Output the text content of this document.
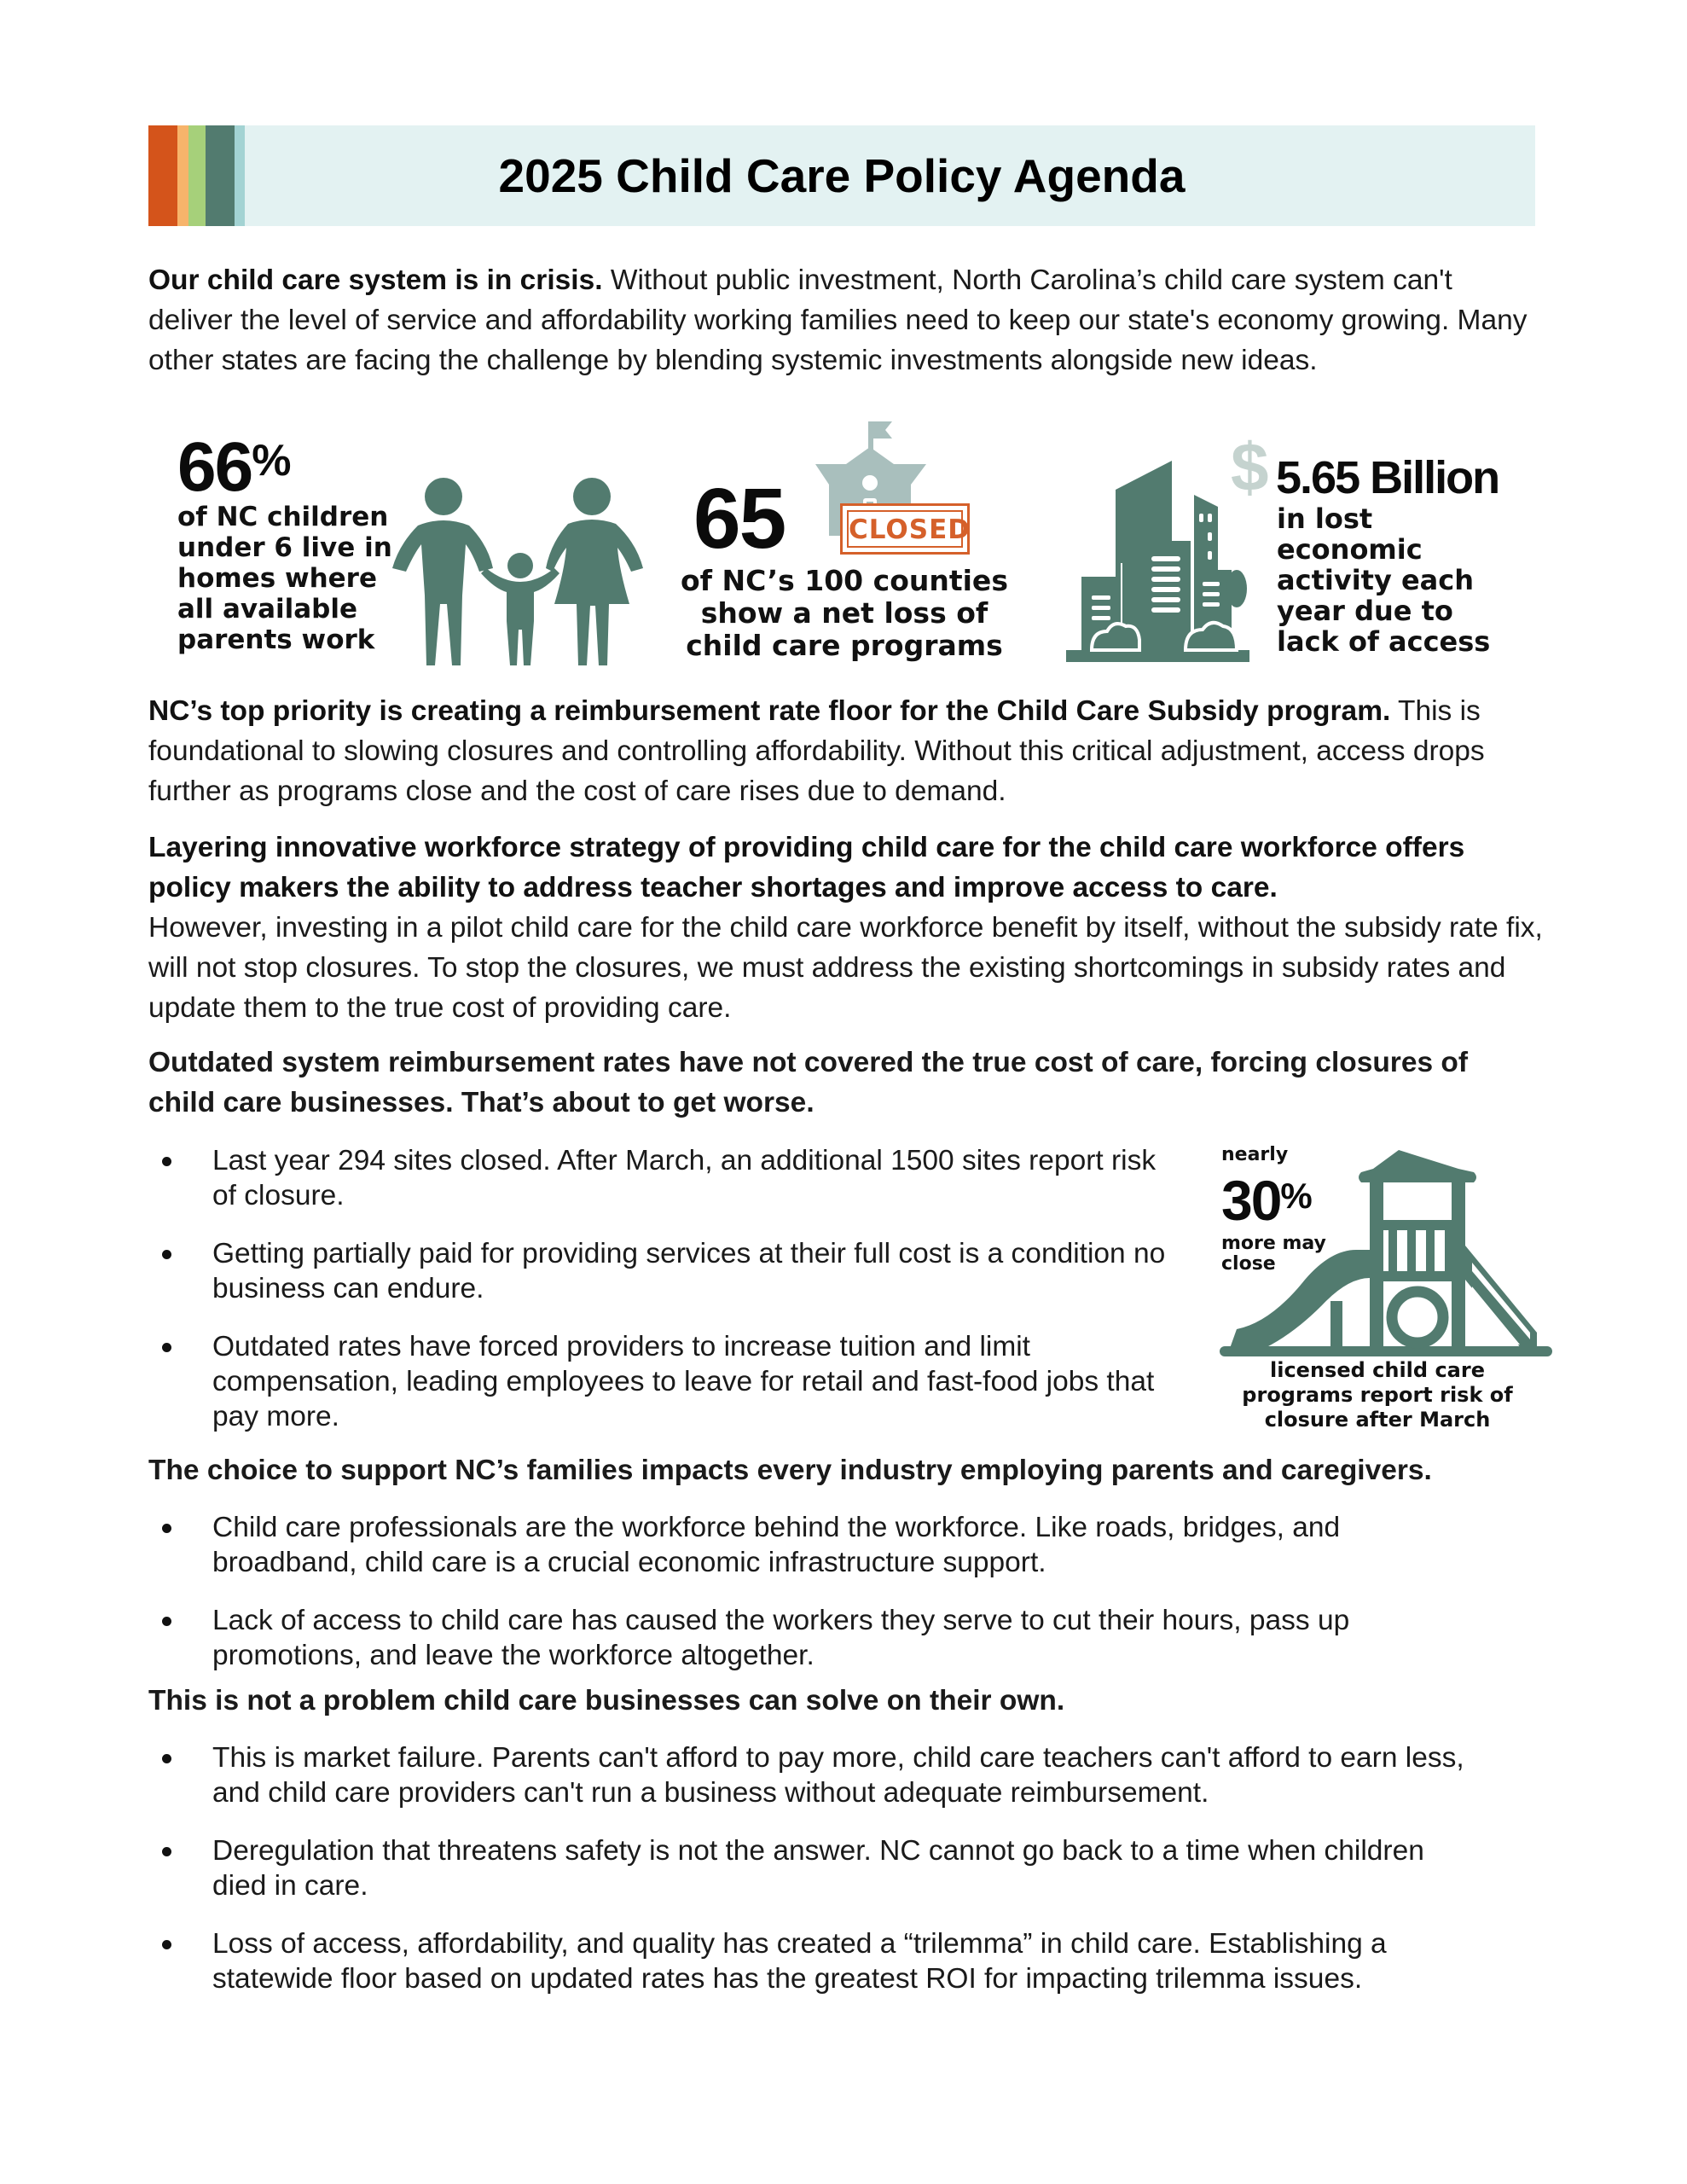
2025 Child Care Policy Agenda
Our child care system is in crisis. Without public investment, North Carolina’s child care system can't deliver the level of service and affordability working families need to keep our state's economy growing. Many other states are facing the challenge by blending systemic investments alongside new ideas.
66%
of NC children
under 6 live in
homes where
all available
parents work
CLOSED
65
of NC’s 100 counties
show a net loss of
child care programs
$ 5.65 Billion
in lost
economic
activity each
year due to
lack of access
NC’s top priority is creating a reimbursement rate floor for the Child Care Subsidy program. This is foundational to slowing closures and controlling affordability. Without this critical adjustment, access drops further as programs close and the cost of care rises due to demand.
Layering innovative workforce strategy of providing child care for the child care workforce offers policy makers the ability to address teacher shortages and improve access to care.
However, investing in a pilot child care for the child care workforce benefit by itself, without the subsidy rate fix, will not stop closures. To stop the closures, we must address the existing shortcomings in subsidy rates and update them to the true cost of providing care.
Outdated system reimbursement rates have not covered the true cost of care, forcing closures of child care businesses. That’s about to get worse.
Last year 294 sites closed. After March, an additional 1500 sites report risk of closure.
Getting partially paid for providing services at their full cost is a condition no business can endure.
Outdated rates have forced providers to increase tuition and limit compensation, leading employees to leave for retail and fast-food jobs that pay more.
nearly
30%
more may
close
licensed child care
programs report risk of
closure after March
The choice to support NC’s families impacts every industry employing parents and caregivers.
Child care professionals are the workforce behind the workforce. Like roads, bridges, and broadband, child care is a crucial economic infrastructure support.
Lack of access to child care has caused the workers they serve to cut their hours, pass up promotions, and leave the workforce altogether.
This is not a problem child care businesses can solve on their own.
This is market failure. Parents can't afford to pay more, child care teachers can't afford to earn less, and child care providers can't run a business without adequate reimbursement.
Deregulation that threatens safety is not the answer. NC cannot go back to a time when children died in care.
Loss of access, affordability, and quality has created a “trilemma” in child care. Establishing a statewide floor based on updated rates has the greatest ROI for impacting trilemma issues.
